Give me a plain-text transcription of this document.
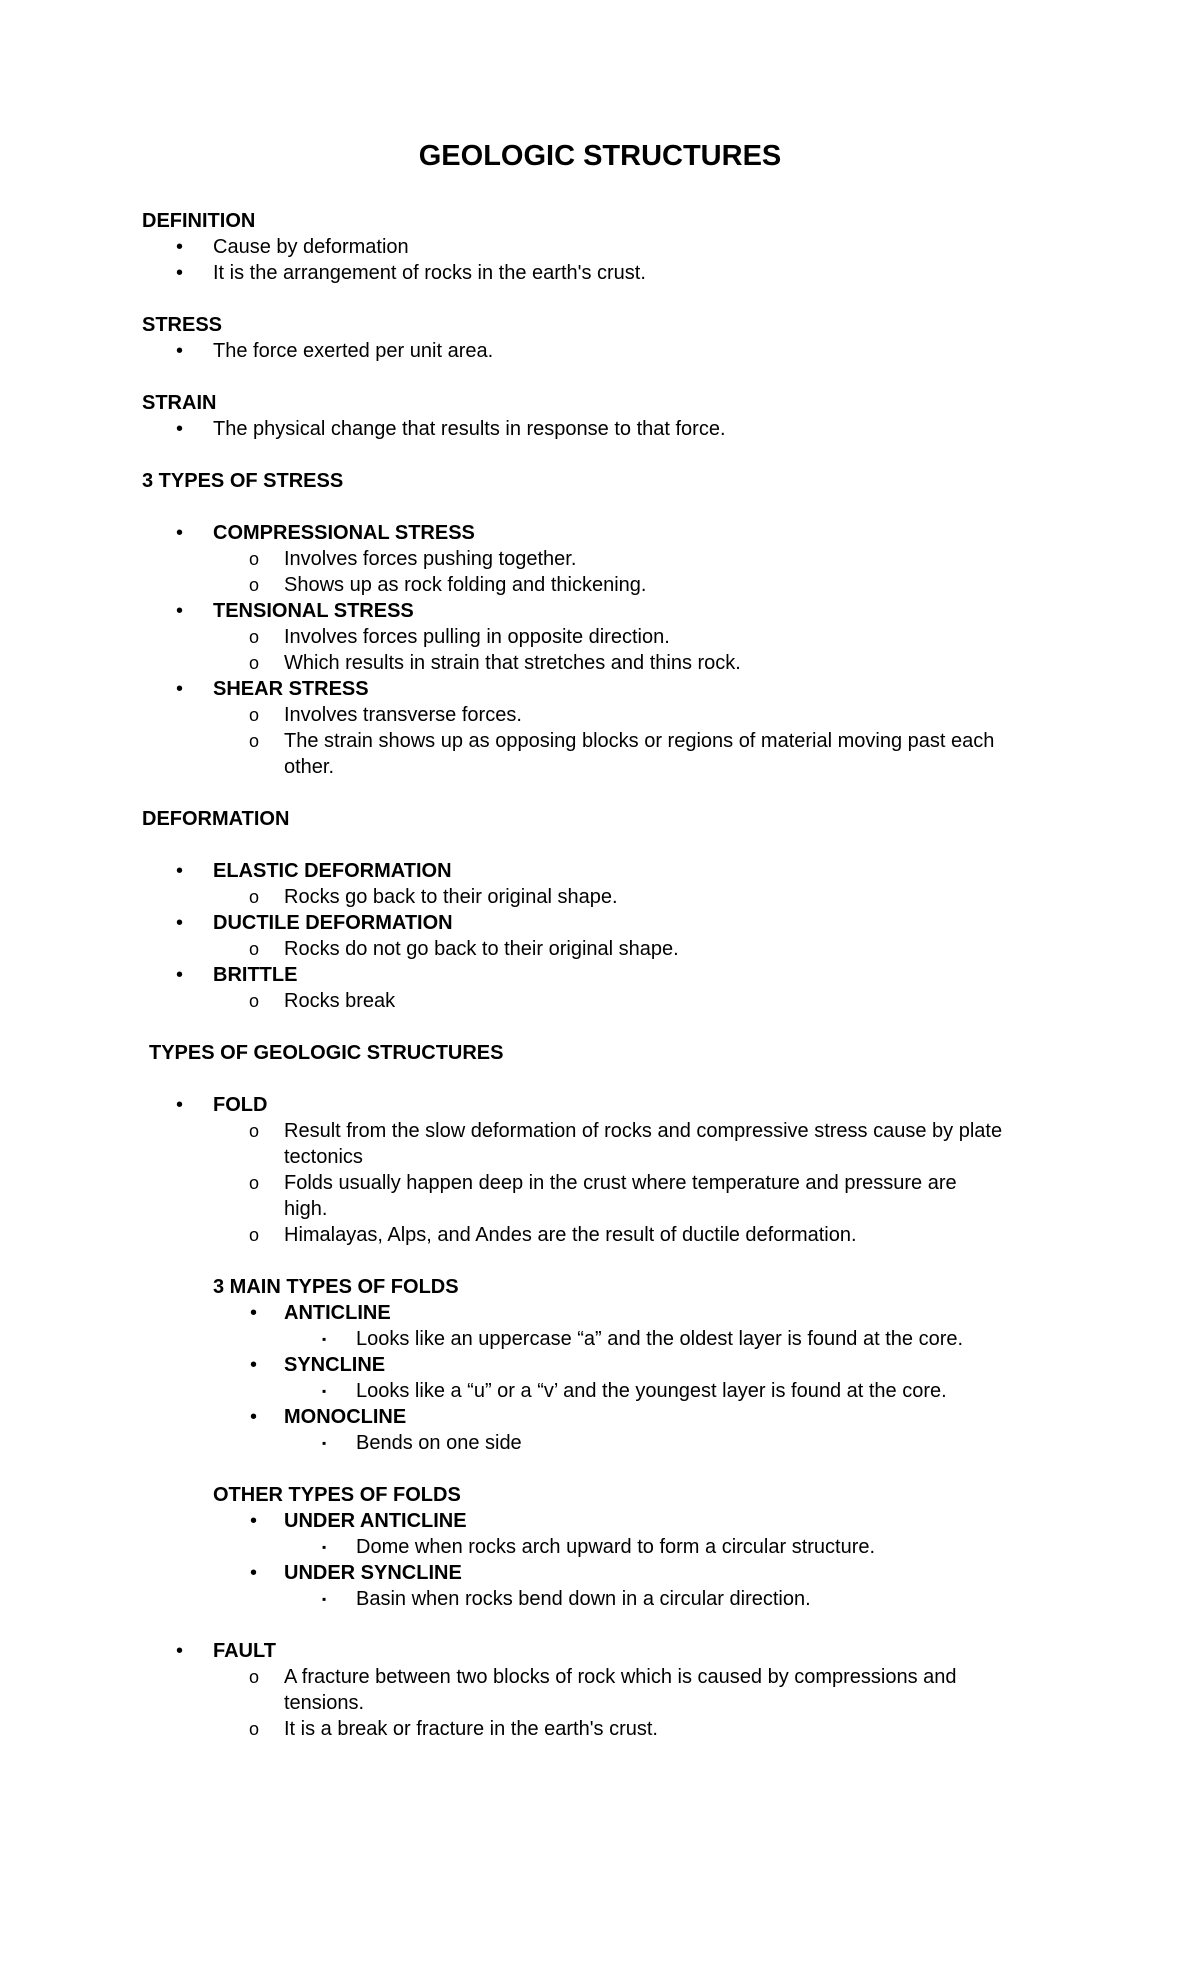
GEOLOGIC STRUCTURES
DEFINITION
• Cause by deformation
• It is the arrangement of rocks in the earth's crust.
STRESS
• The force exerted per unit area.
STRAIN
• The physical change that results in response to that force.
3 TYPES OF STRESS
• COMPRESSIONAL STRESS
o Involves forces pushing together.
o Shows up as rock folding and thickening.
• TENSIONAL STRESS
o Involves forces pulling in opposite direction.
o Which results in strain that stretches and thins rock.
• SHEAR STRESS
o Involves transverse forces.
o The strain shows up as opposing blocks or regions of material moving past each
other.
DEFORMATION
• ELASTIC DEFORMATION
o Rocks go back to their original shape.
• DUCTILE DEFORMATION
o Rocks do not go back to their original shape.
• BRITTLE
o Rocks break
TYPES OF GEOLOGIC STRUCTURES
• FOLD
o Result from the slow deformation of rocks and compressive stress cause by plate
tectonics
o Folds usually happen deep in the crust where temperature and pressure are
high.
o Himalayas, Alps, and Andes are the result of ductile deformation.
3 MAIN TYPES OF FOLDS
• ANTICLINE
▪ Looks like an uppercase “a” and the oldest layer is found at the core.
• SYNCLINE
▪ Looks like a “u” or a “v’ and the youngest layer is found at the core.
• MONOCLINE
▪ Bends on one side
OTHER TYPES OF FOLDS
• UNDER ANTICLINE
▪ Dome when rocks arch upward to form a circular structure.
• UNDER SYNCLINE
▪ Basin when rocks bend down in a circular direction.
• FAULT
o A fracture between two blocks of rock which is caused by compressions and
tensions.
o It is a break or fracture in the earth's crust.
